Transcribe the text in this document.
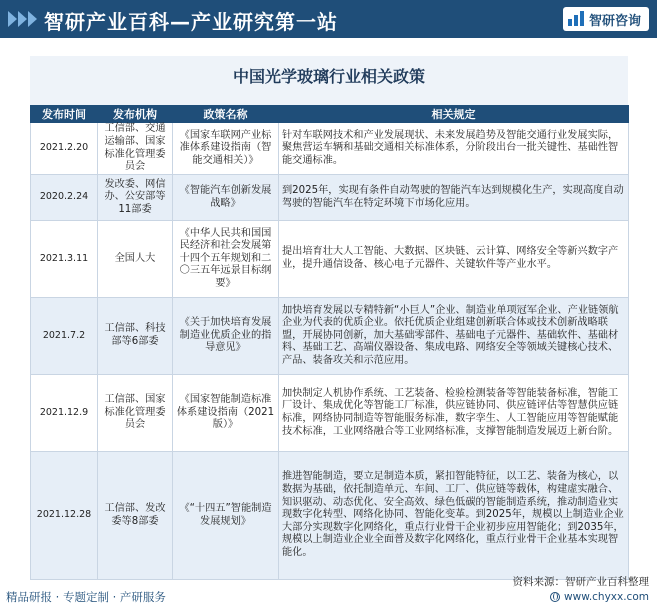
智研产业百科—产业研究第一站	智研咨询
中国光学玻璃行业相关政策
发布时间	发布机构	政策名称	相关规定
2021.2.20	工信部、交通运输部、国家标准化管理委员会	《国家车联网产业标准体系建设指南（智能交通相关）》	针对车联网技术和产业发展现状、未来发展趋势及智能交通行业发展实际，聚焦营运车辆和基础交通相关标准体系，分阶段出台一批关键性、基础性智能交通标准。
2020.2.24	发改委、网信办、公安部等11部委	《智能汽车创新发展战略》	到2025年，实现有条件自动驾驶的智能汽车达到规模化生产，实现高度自动驾驶的智能汽车在特定环境下市场化应用。
2021.3.11	全国人大	《中华人民共和国国民经济和社会发展第十四个五年规划和二〇三五年远景目标纲要》	提出培育壮大人工智能、大数据、区块链、云计算、网络安全等新兴数字产业，提升通信设备、核心电子元器件、关键软件等产业水平。
2021.7.2	工信部、科技部等6部委	《关于加快培育发展制造业优质企业的指导意见》	加快培育发展以专精特新“小巨人”企业、制造业单项冠军企业、产业链领航企业为代表的优质企业。依托优质企业组建创新联合体或技术创新战略联盟，开展协同创新，加大基础零部件、基础电子元器件、基础软件、基础材料、基础工艺、高端仪器设备、集成电路、网络安全等领域关键核心技术、产品、装备攻关和示范应用。
2021.12.9	工信部、国家标准化管理委员会	《国家智能制造标准体系建设指南（2021版）》	加快制定人机协作系统、工艺装备、检验检测装备等智能装备标准，智能工厂设计、集成优化等智能工厂标准，供应链协同、供应链评估等智慧供应链标准，网络协同制造等智能服务标准，数字孪生、人工智能应用等智能赋能技术标准，工业网络融合等工业网络标准，支撑智能制造发展迈上新台阶。
2021.12.28	工信部、发改委等8部委	《“十四五”智能制造发展规划》	推进智能制造，要立足制造本质，紧扣智能特征，以工艺、装备为核心，以数据为基础，依托制造单元、车间、工厂、供应链等载体，构建虚实融合、知识驱动、动态优化、安全高效、绿色低碳的智能制造系统，推动制造业实现数字化转型、网络化协同、智能化变革。到2025年，规模以上制造业企业大部分实现数字化网络化，重点行业骨干企业初步应用智能化；到2035年，规模以上制造业企业全面普及数字化网络化，重点行业骨干企业基本实现智能化。
精品研报 · 专题定制 · 产研服务
资料来源：智研产业百科整理
www.chyxx.com
